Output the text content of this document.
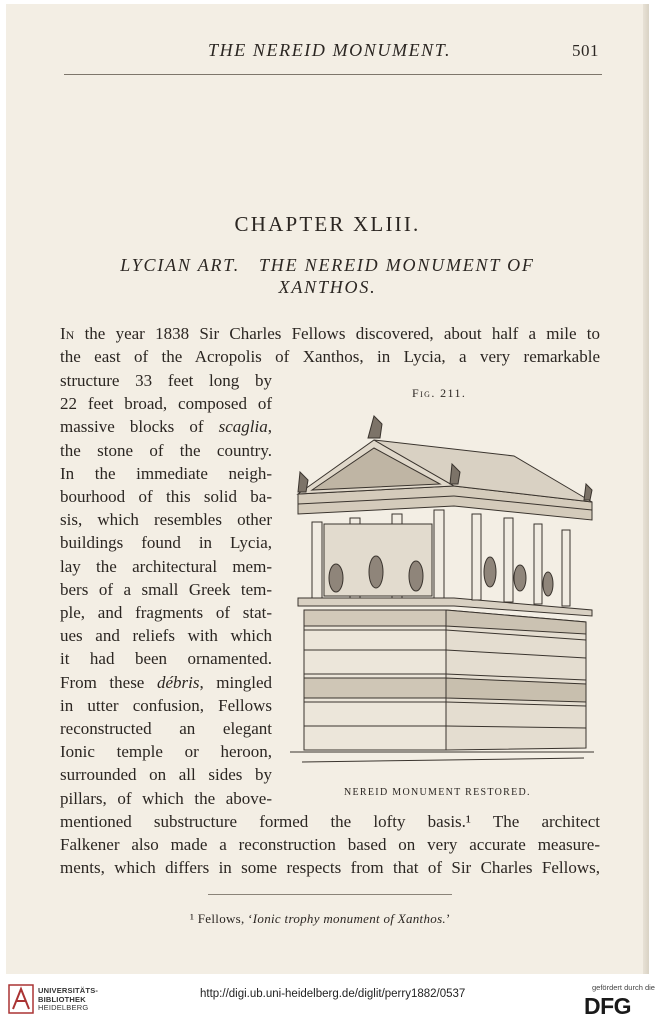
THE NEREID MONUMENT.	501
CHAPTER XLIII.
LYCIAN ART.   THE NEREID MONUMENT OF
XANTHOS.
In the year 1838 Sir Charles Fellows discovered, about half a mile to
the east of the Acropolis of Xanthos, in Lycia, a very remarkable
structure 33 feet long by
22 feet broad, composed of
massive blocks of scaglia,
the stone of the country.
In the immediate neigh-
bourhood of this solid ba-
sis, which resembles other
buildings found in Lycia,
lay the architectural mem-
bers of a small Greek tem-
ple, and fragments of stat-
ues and reliefs with which
it had been ornamented.
From these débris, mingled
in utter confusion, Fellows
reconstructed an elegant
Ionic temple or heroon,
surrounded on all sides by
pillars, of which the above-
mentioned substructure formed the lofty basis.¹ The architect
Falkener also made a reconstruction based on very accurate measure-
ments, which differs in some respects from that of Sir Charles Fellows,
Fig. 211.
NEREID MONUMENT RESTORED.
¹ Fellows, ‘Ionic trophy monument of Xanthos.’
UNIVERSITÄTS-
BIBLIOTHEK
HEIDELBERG
http://digi.ub.uni-heidelberg.de/diglit/perry1882/0537
gefördert durch die
DFG
